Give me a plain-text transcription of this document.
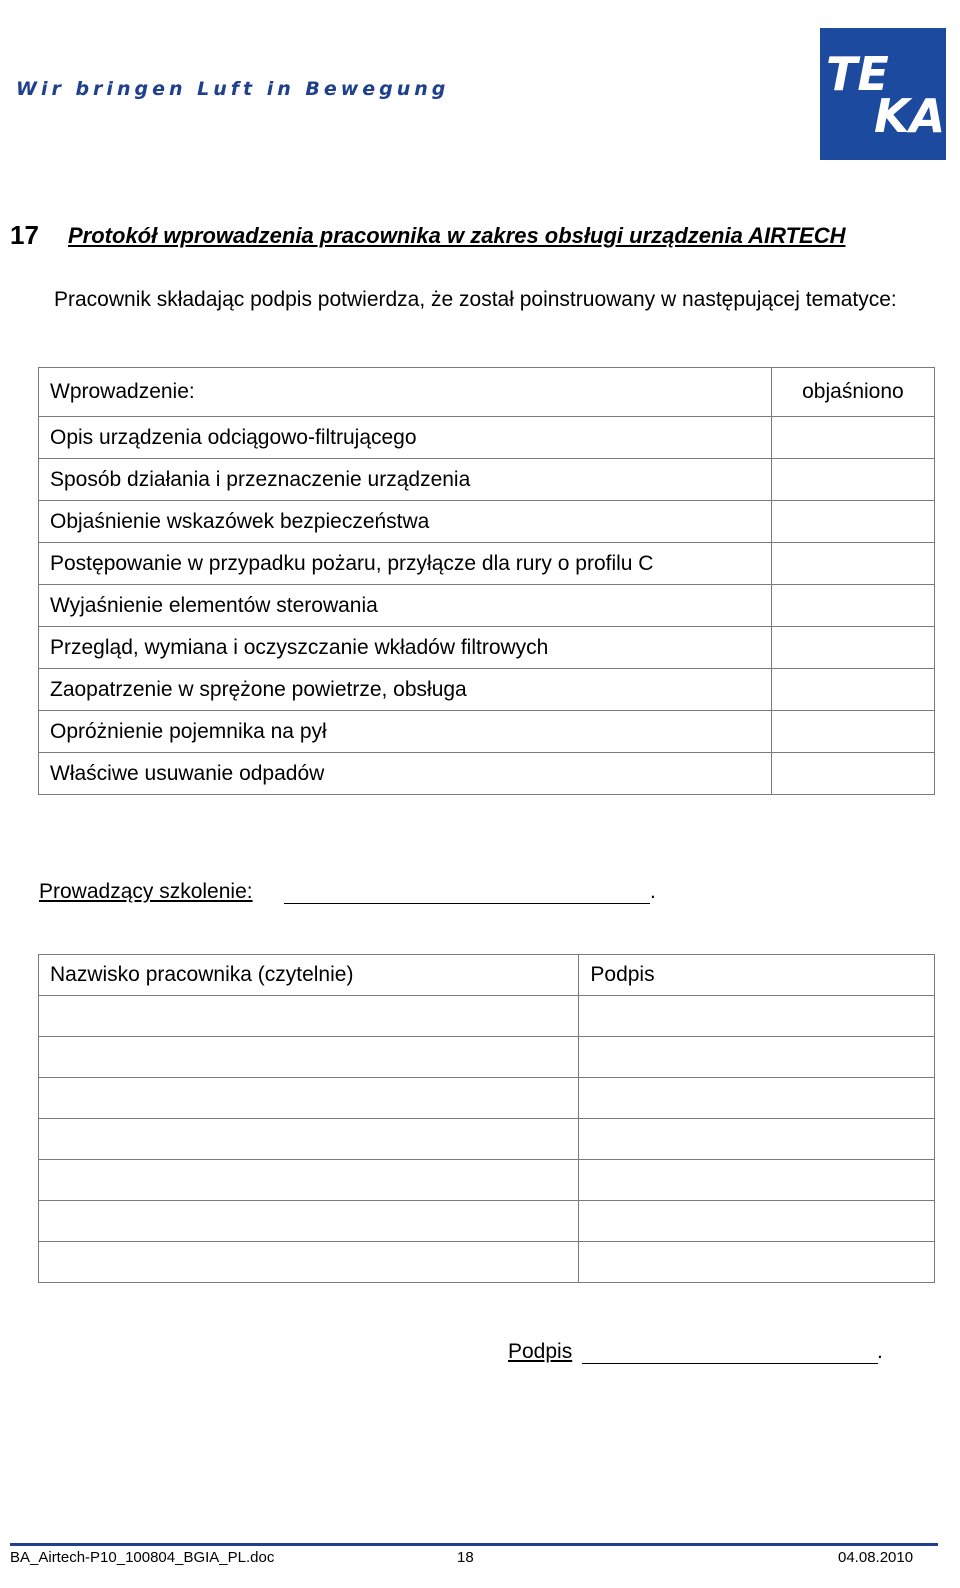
Wir bringen Luft in Bewegung	TE
KA

17 Protokół wprowadzenia pracownika w zakres obsługi urządzenia AIRTECH

Pracownik składając podpis potwierdza, że został poinstruowany w następującej tematyce:

Wprowadzenie:	objaśniono
Opis urządzenia odciągowo-filtrującego	
Sposób działania i przeznaczenie urządzenia	
Objaśnienie wskazówek bezpieczeństwa	
Postępowanie w przypadku pożaru, przyłącze dla rury o profilu C	
Wyjaśnienie elementów sterowania	
Przegląd, wymiana i oczyszczanie wkładów filtrowych	
Zaopatrzenie w sprężone powietrze, obsługa	
Opróżnienie pojemnika na pył	
Właściwe usuwanie odpadów	

Prowadzący szkolenie:	.
Nazwisko pracownika (czytelnie)	Podpis

Podpis	.

BA_Airtech-P10_100804_BGIA_PL.doc	18	04.08.2010
